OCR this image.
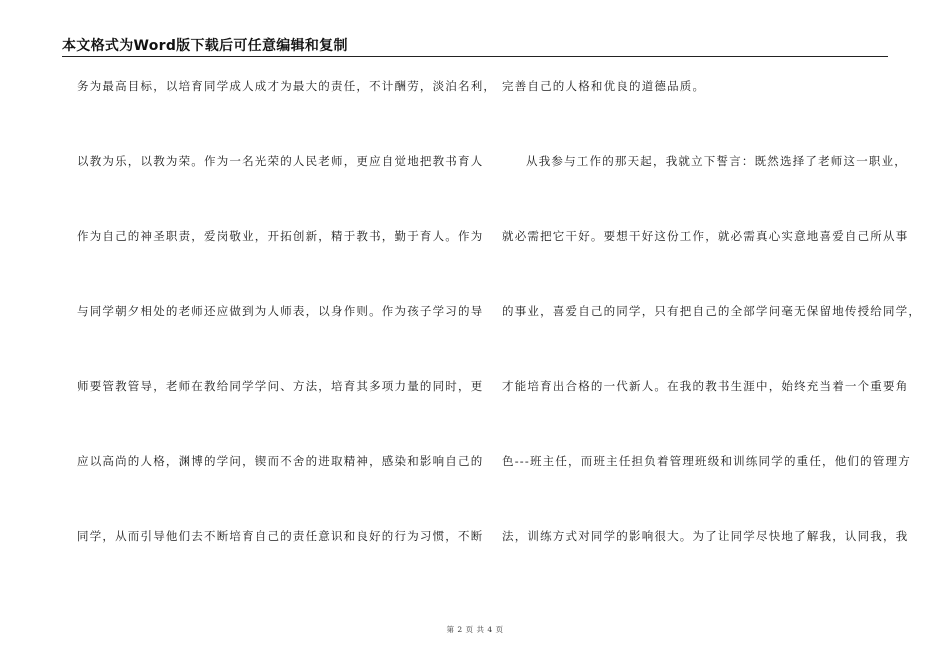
本文格式为Word版下载后可任意编辑和复制
务为最高目标，以培育同学成人成才为最大的责任，不计酬劳，淡泊名利，
以教为乐，以教为荣。作为一名光荣的人民老师，更应自觉地把教书育人
作为自己的神圣职责，爱岗敬业，开拓创新，精于教书，勤于育人。作为
与同学朝夕相处的老师还应做到为人师表，以身作则。作为孩子学习的导
师要管教管导，老师在教给同学学问、方法，培育其多项力量的同时，更
应以高尚的人格，渊博的学问，锲而不舍的进取精神，感染和影响自己的
同学，从而引导他们去不断培育自己的责任意识和良好的行为习惯，不断
完善自己的人格和优良的道德品质。
从我参与工作的那天起，我就立下誓言：既然选择了老师这一职业，
就必需把它干好。要想干好这份工作，就必需真心实意地喜爱自己所从事
的事业，喜爱自己的同学，只有把自己的全部学问毫无保留地传授给同学，
才能培育出合格的一代新人。在我的教书生涯中，始终充当着一个重要角
色---班主任，而班主任担负着管理班级和训练同学的重任，他们的管理方
法，训练方式对同学的影响很大。为了让同学尽快地了解我，认同我，我
第 2 页 共 4 页
